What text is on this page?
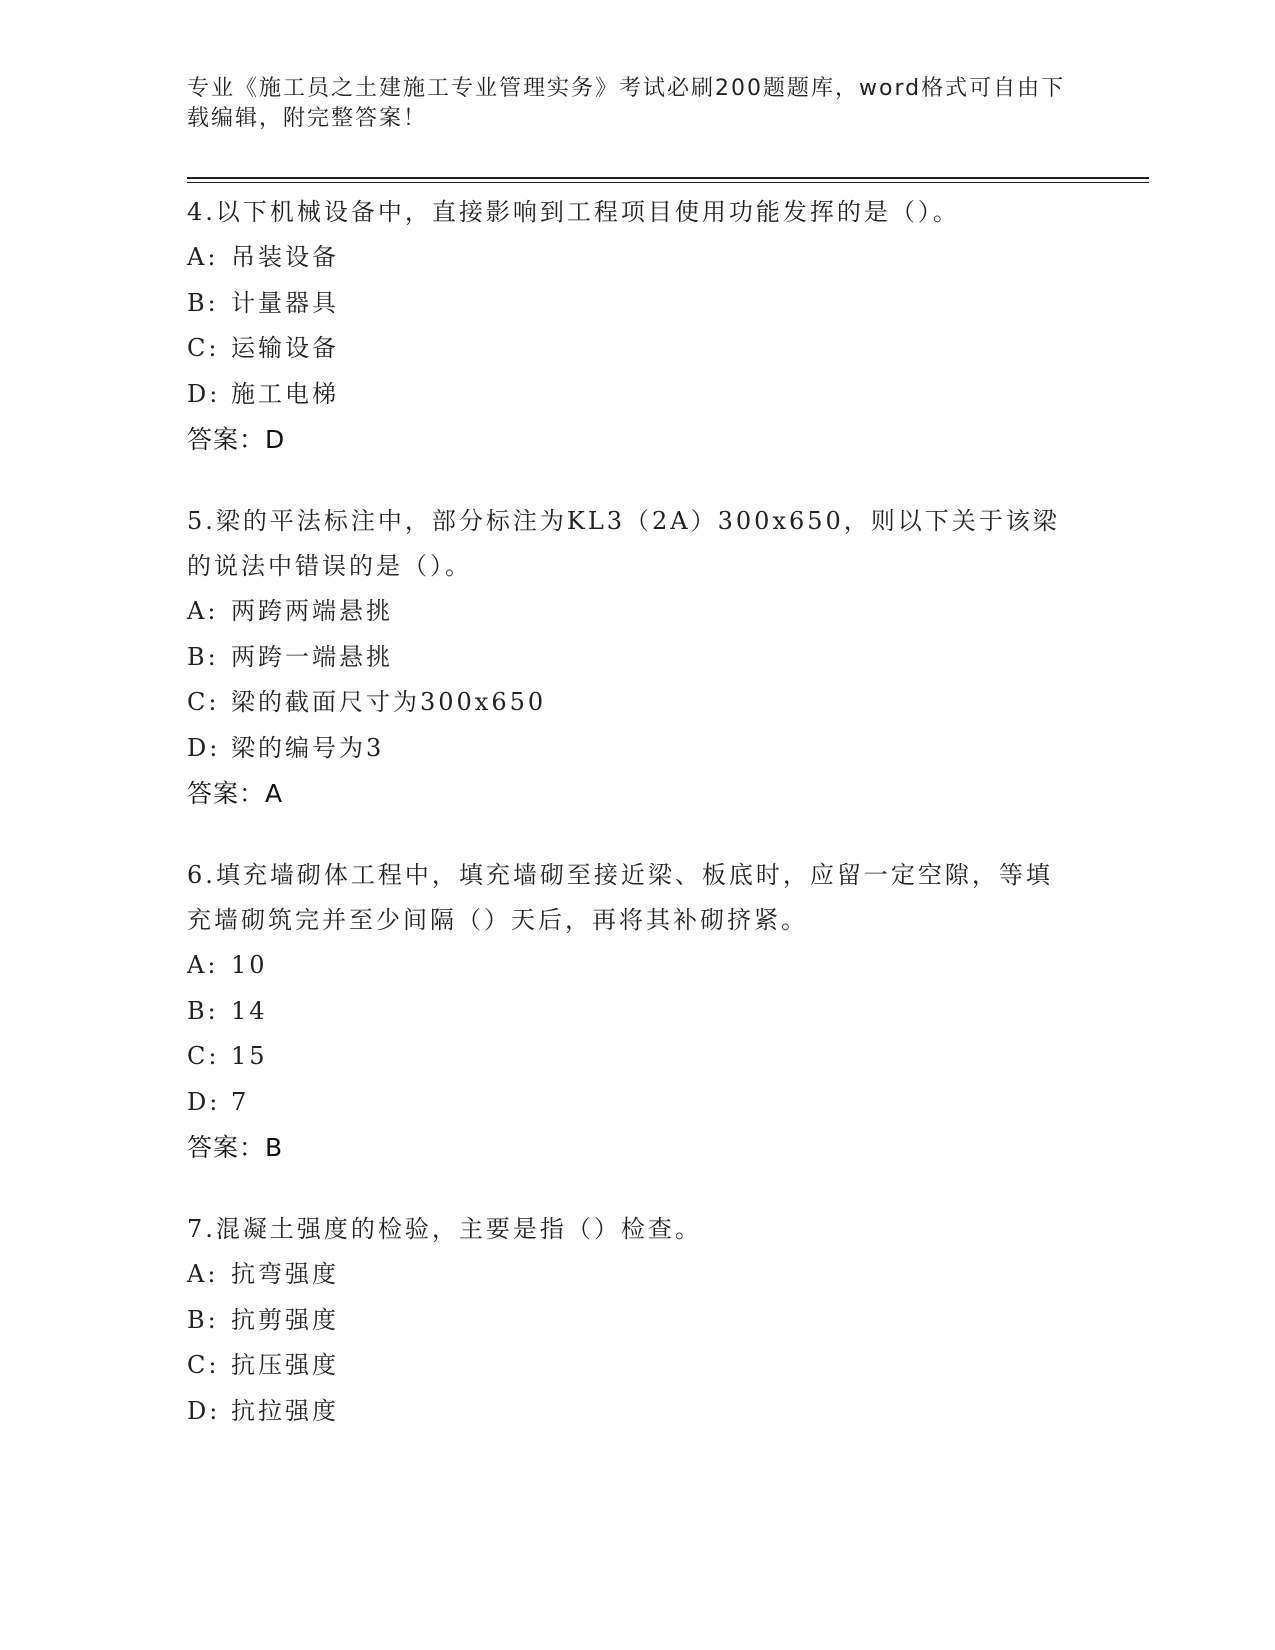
专业《施工员之土建施工专业管理实务》考试必刷200题题库，word格式可自由下载编辑，附完整答案！
4.以下机械设备中，直接影响到工程项目使用功能发挥的是（）。
A: 吊装设备
B: 计量器具
C: 运输设备
D: 施工电梯
答案：D
5.梁的平法标注中，部分标注为KL3（2A）300x650，则以下关于该梁的说法中错误的是（）。
A: 两跨两端悬挑
B: 两跨一端悬挑
C: 梁的截面尺寸为300x650
D: 梁的编号为3
答案：A
6.填充墙砌体工程中，填充墙砌至接近梁、板底时，应留一定空隙，等填充墙砌筑完并至少间隔（）天后，再将其补砌挤紧。
A: 10
B: 14
C: 15
D: 7
答案：B
7.混凝土强度的检验，主要是指（）检查。
A: 抗弯强度
B: 抗剪强度
C: 抗压强度
D: 抗拉强度
